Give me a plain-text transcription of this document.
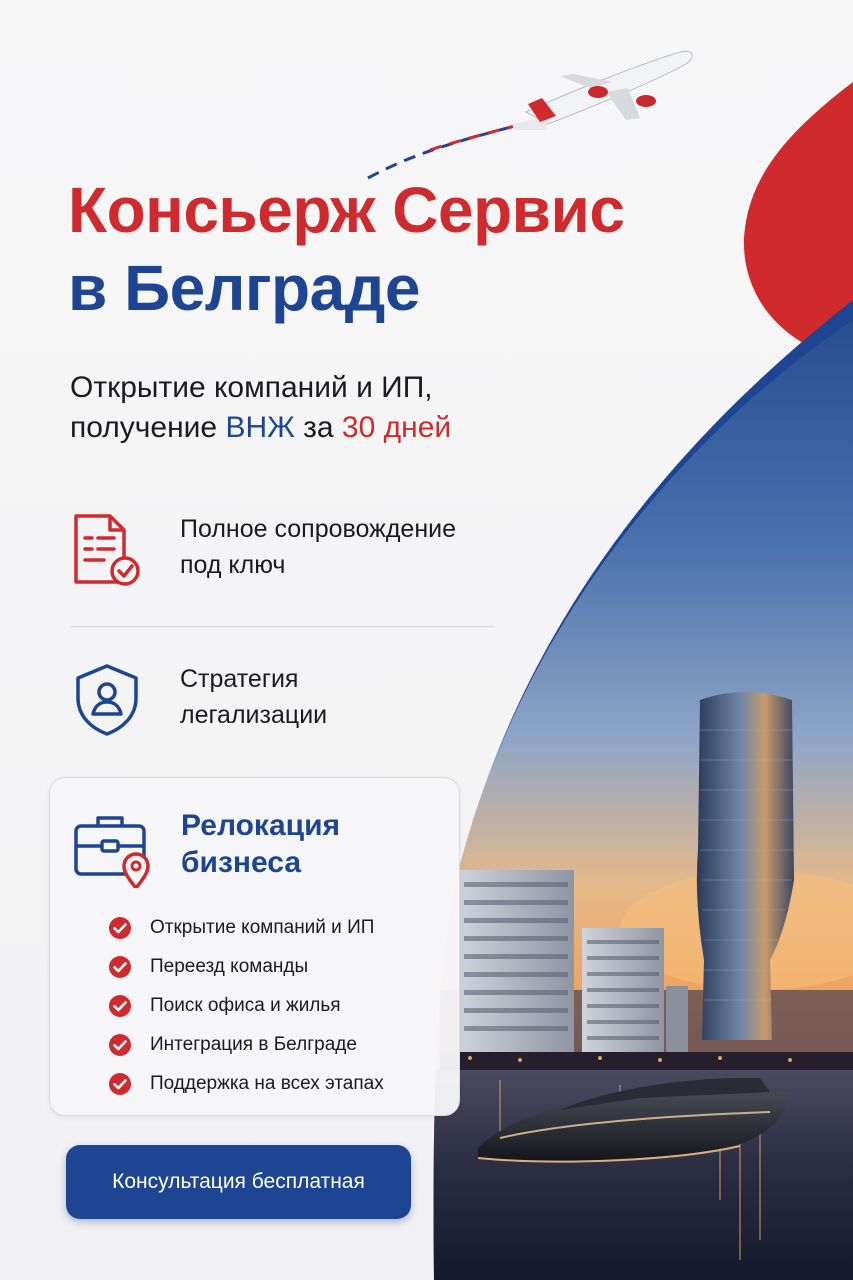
Консьерж Сервис
в Белграде
Открытие компаний и ИП,
получение ВНЖ за 30 дней
Полное сопровождение
под ключ
Стратегия
легализации
Релокация
бизнеса
Открытие компаний и ИП
Переезд команды
Поиск офиса и жилья
Интеграция в Белграде
Поддержка на всех этапах
Консультация бесплатная
